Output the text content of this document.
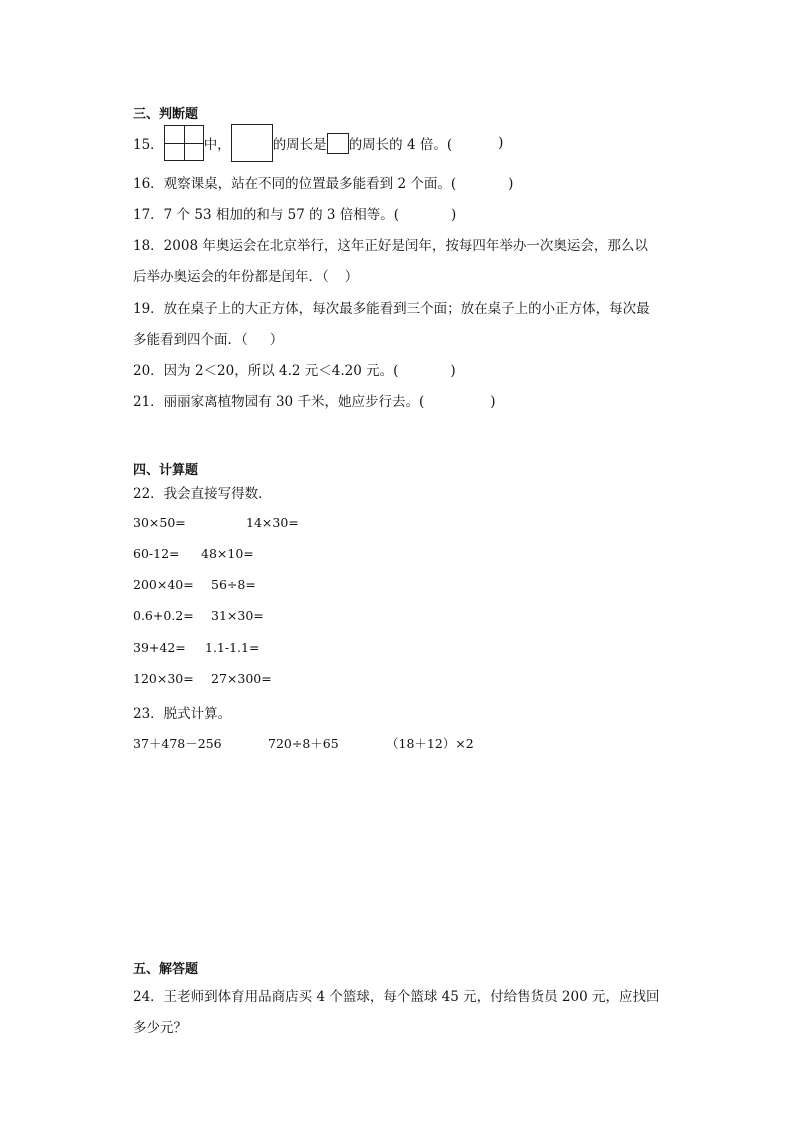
三、判断题
15．	中，	的周长是 的周长的 4 倍。(	)
16．观察课桌，站在不同的位置最多能看到 2 个面。(	)
17．7 个 53 相加的和与 57 的 3 倍相等。(	)
18．2008 年奥运会在北京举行，这年正好是闰年，按每四年举办一次奥运会，那么以
后举办奥运会的年份都是闰年．（ ）
19．放在桌子上的大正方体，每次最多能看到三个面；放在桌子上的小正方体，每次最
多能看到四个面．（ ）
20．因为 2＜20，所以 4.2 元＜4.20 元。(	)
21．丽丽家离植物园有 30 千米，她应步行去。(	)
四、计算题
22．我会直接写得数．
30×50=	14×30=
60-12= 48×10=
200×40= 56÷8=
0.6+0.2= 31×30=
39+42= 1.1-1.1=
120×30= 27×300=
23．脱式计算。
37＋478－256	720÷8＋65	（18＋12）×2
五、解答题
24．王老师到体育用品商店买 4 个篮球，每个篮球 45 元，付给售货员 200 元，应找回
多少元？
